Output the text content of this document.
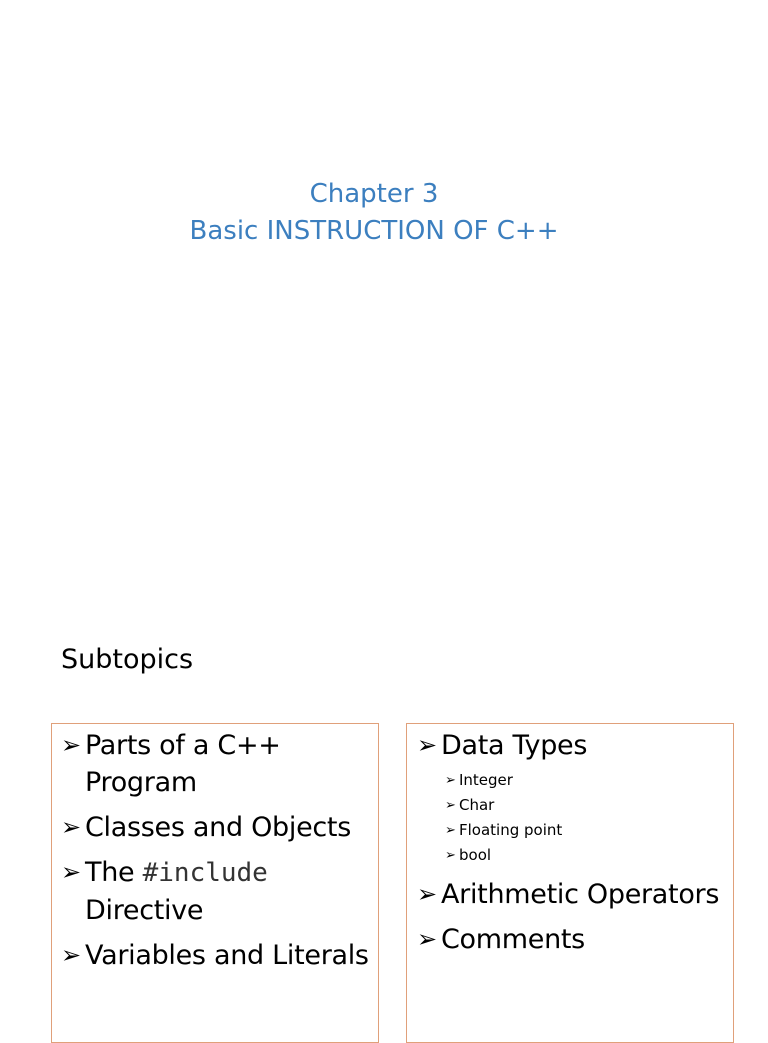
Chapter 3
Basic INSTRUCTION OF C++
Subtopics
➢ Parts of a C++ Program
➢ Classes and Objects
➢ The #include
Directive
➢ Variables and Literals
➢ Data Types
➢ Integer
➢ Char
➢ Floating point
➢ bool
➢ Arithmetic Operators
➢ Comments
